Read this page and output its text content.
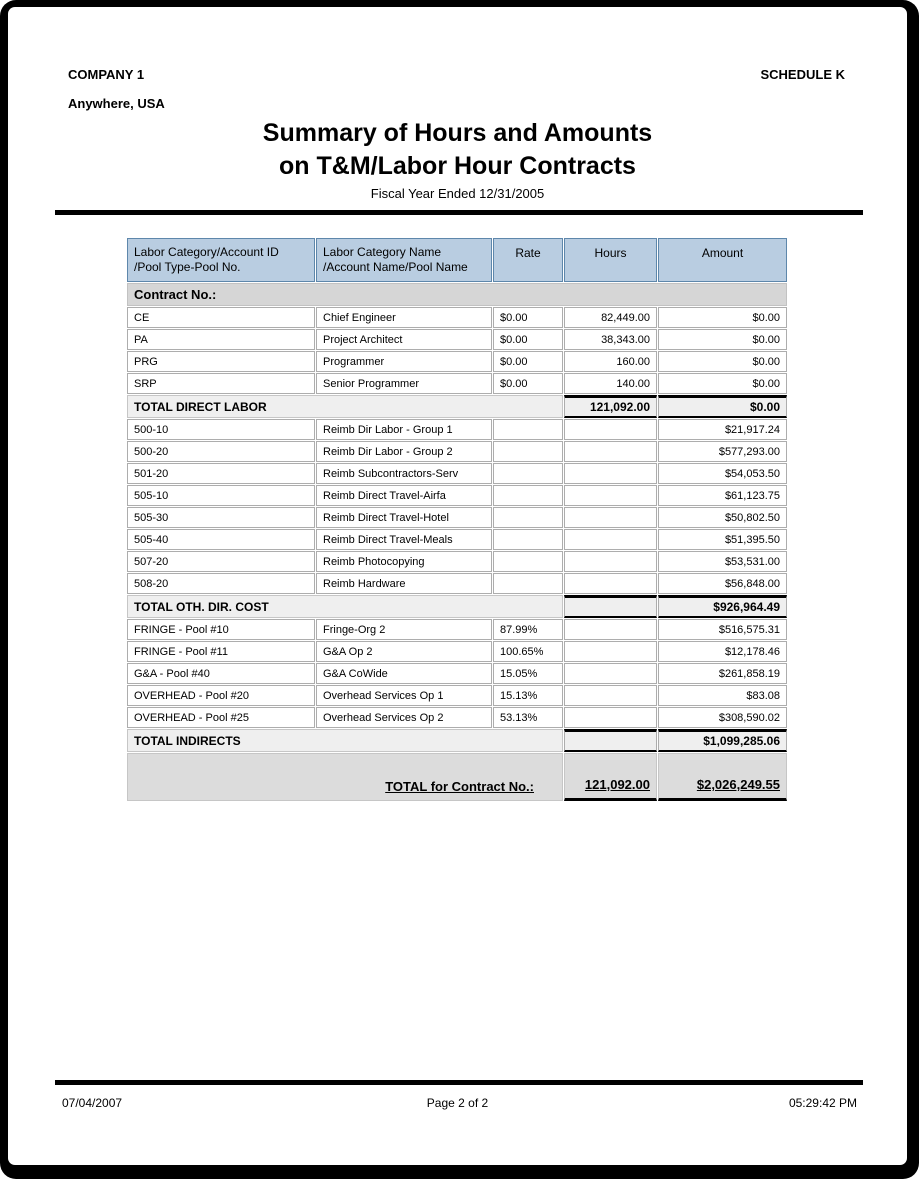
COMPANY 1	SCHEDULE K
Anywhere, USA
Summary of Hours and Amounts
on T&M/Labor Hour Contracts
Fiscal Year Ended 12/31/2005
Labor Category/Account ID
/Pool Type-Pool No.	Labor Category Name
/Account Name/Pool Name	Rate	Hours	Amount
Contract No.:				
CE	Chief Engineer	$0.00	82,449.00	$0.00
PA	Project Architect	$0.00	38,343.00	$0.00
PRG	Programmer	$0.00	160.00	$0.00
SRP	Senior Programmer	$0.00	140.00	$0.00
TOTAL DIRECT LABOR			121,092.00	$0.00
500-10	Reimb Dir Labor - Group 1			$21,917.24
500-20	Reimb Dir Labor - Group 2			$577,293.00
501-20	Reimb Subcontractors-Serv			$54,053.50
505-10	Reimb Direct Travel-Airfa			$61,123.75
505-30	Reimb Direct Travel-Hotel			$50,802.50
505-40	Reimb Direct Travel-Meals			$51,395.50
507-20	Reimb Photocopying			$53,531.00
508-20	Reimb Hardware			$56,848.00
TOTAL OTH. DIR. COST				$926,964.49
FRINGE - Pool #10	Fringe-Org 2	87.99%		$516,575.31
FRINGE - Pool #11	G&A Op 2	100.65%		$12,178.46
G&A - Pool #40	G&A CoWide	15.05%		$261,858.19
OVERHEAD - Pool #20	Overhead Services Op 1	15.13%		$83.08
OVERHEAD - Pool #25	Overhead Services Op 2	53.13%		$308,590.02
TOTAL INDIRECTS				$1,099,285.06
TOTAL for Contract No.:			121,092.00	$2,026,249.55
07/04/2007	Page 2 of 2	05:29:42 PM
